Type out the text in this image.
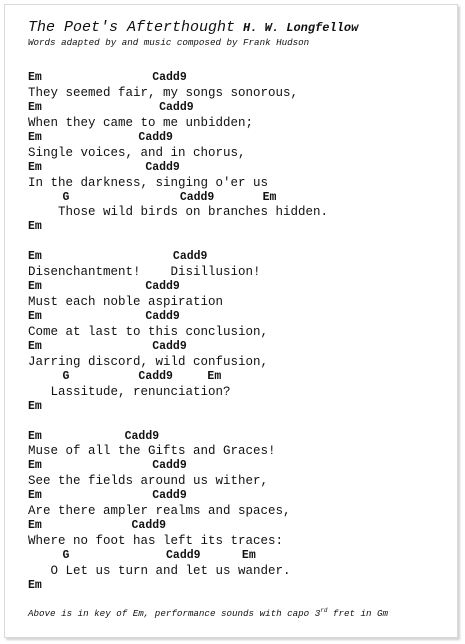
The Poet's Afterthought H. W. Longfellow
Words adapted by and music composed by Frank Hudson
Em                Cadd9
They seemed fair, my songs sonorous,
Em                 Cadd9
When they came to me unbidden;
Em              Cadd9
Single voices, and in chorus,
Em               Cadd9
In the darkness, singing o'er us
G                Cadd9       Em
Those wild birds on branches hidden.
Em
Em                   Cadd9
Disenchantment!    Disillusion!
Em               Cadd9
Must each noble aspiration
Em               Cadd9
Come at last to this conclusion,
Em                Cadd9
Jarring discord, wild confusion,
G          Cadd9     Em
Lassitude, renunciation?
Em
Em            Cadd9
Muse of all the Gifts and Graces!
Em                Cadd9
See the fields around us wither,
Em                Cadd9
Are there ampler realms and spaces,
Em             Cadd9
Where no foot has left its traces:
G              Cadd9      Em
O Let us turn and let us wander.
Em
Above is in key of Em, performance sounds with capo 3rd fret in Gm
